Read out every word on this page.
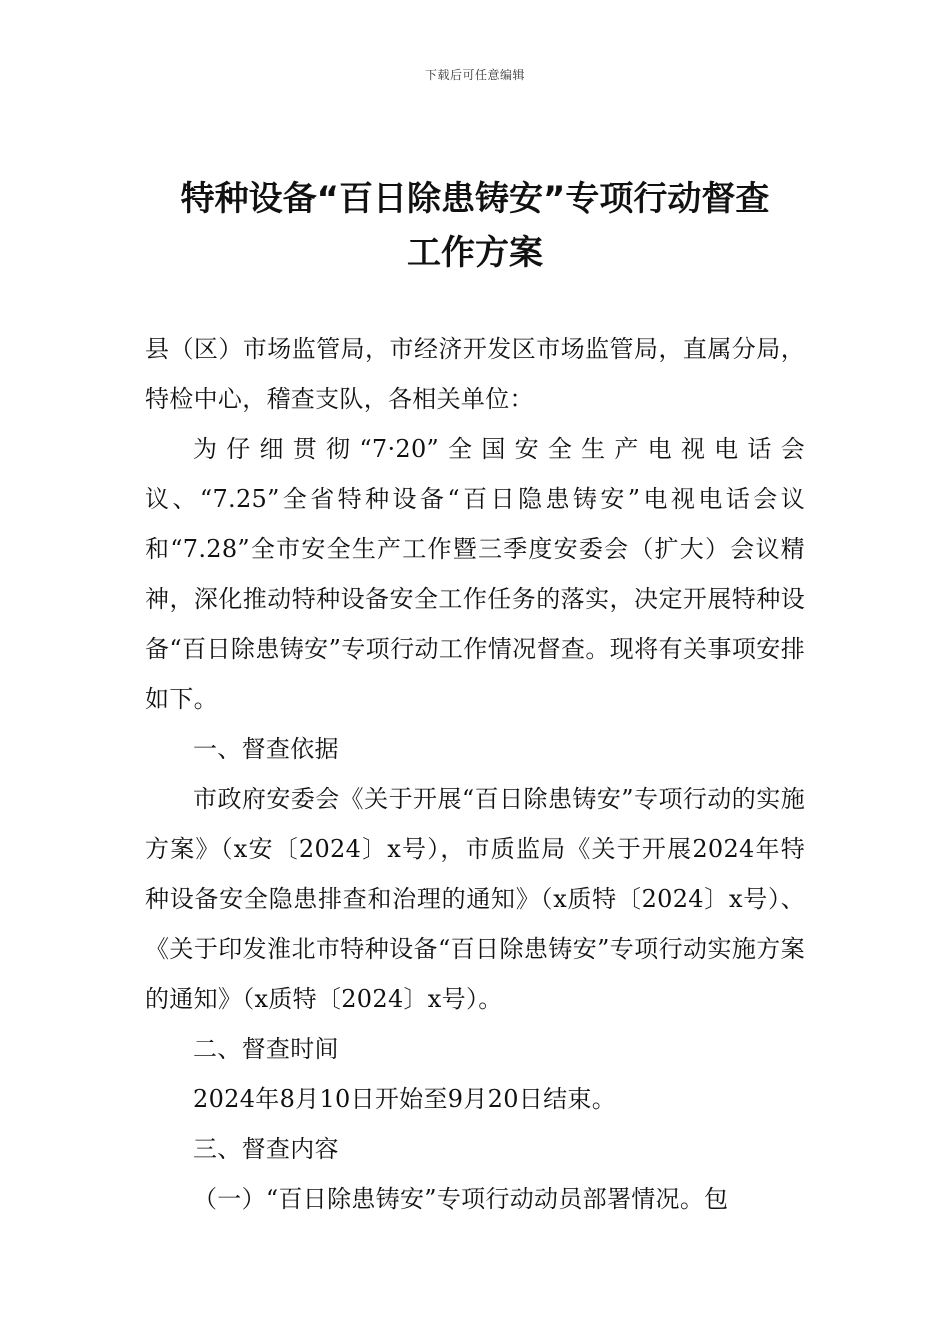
下载后可任意编辑
特种设备“百日除患铸安”专项行动督查
工作方案

县（区）市场监管局，市经济开发区市场监管局，直属分局，特检中心，稽查支队，各相关单位：

为仔细贯彻“7·20”全国安全生产电视电话会议、“7.25”全省特种设备“百日隐患铸安”电视电话会议和“7.28”全市安全生产工作暨三季度安委会（扩大）会议精神，深化推动特种设备安全工作任务的落实，决定开展特种设备“百日除患铸安”专项行动工作情况督查。现将有关事项安排如下。

一、督查依据

市政府安委会《关于开展“百日除患铸安”专项行动的实施方案》（x安〔2024〕x号），市质监局《关于开展2024年特种设备安全隐患排查和治理的通知》（x质特〔2024〕x号）、《关于印发淮北市特种设备“百日除患铸安”专项行动实施方案的通知》（x质特〔2024〕x号）。

二、督查时间

2024年8月10日开始至9月20日结束。

三、督查内容

（一）“百日除患铸安”专项行动动员部署情况。包
